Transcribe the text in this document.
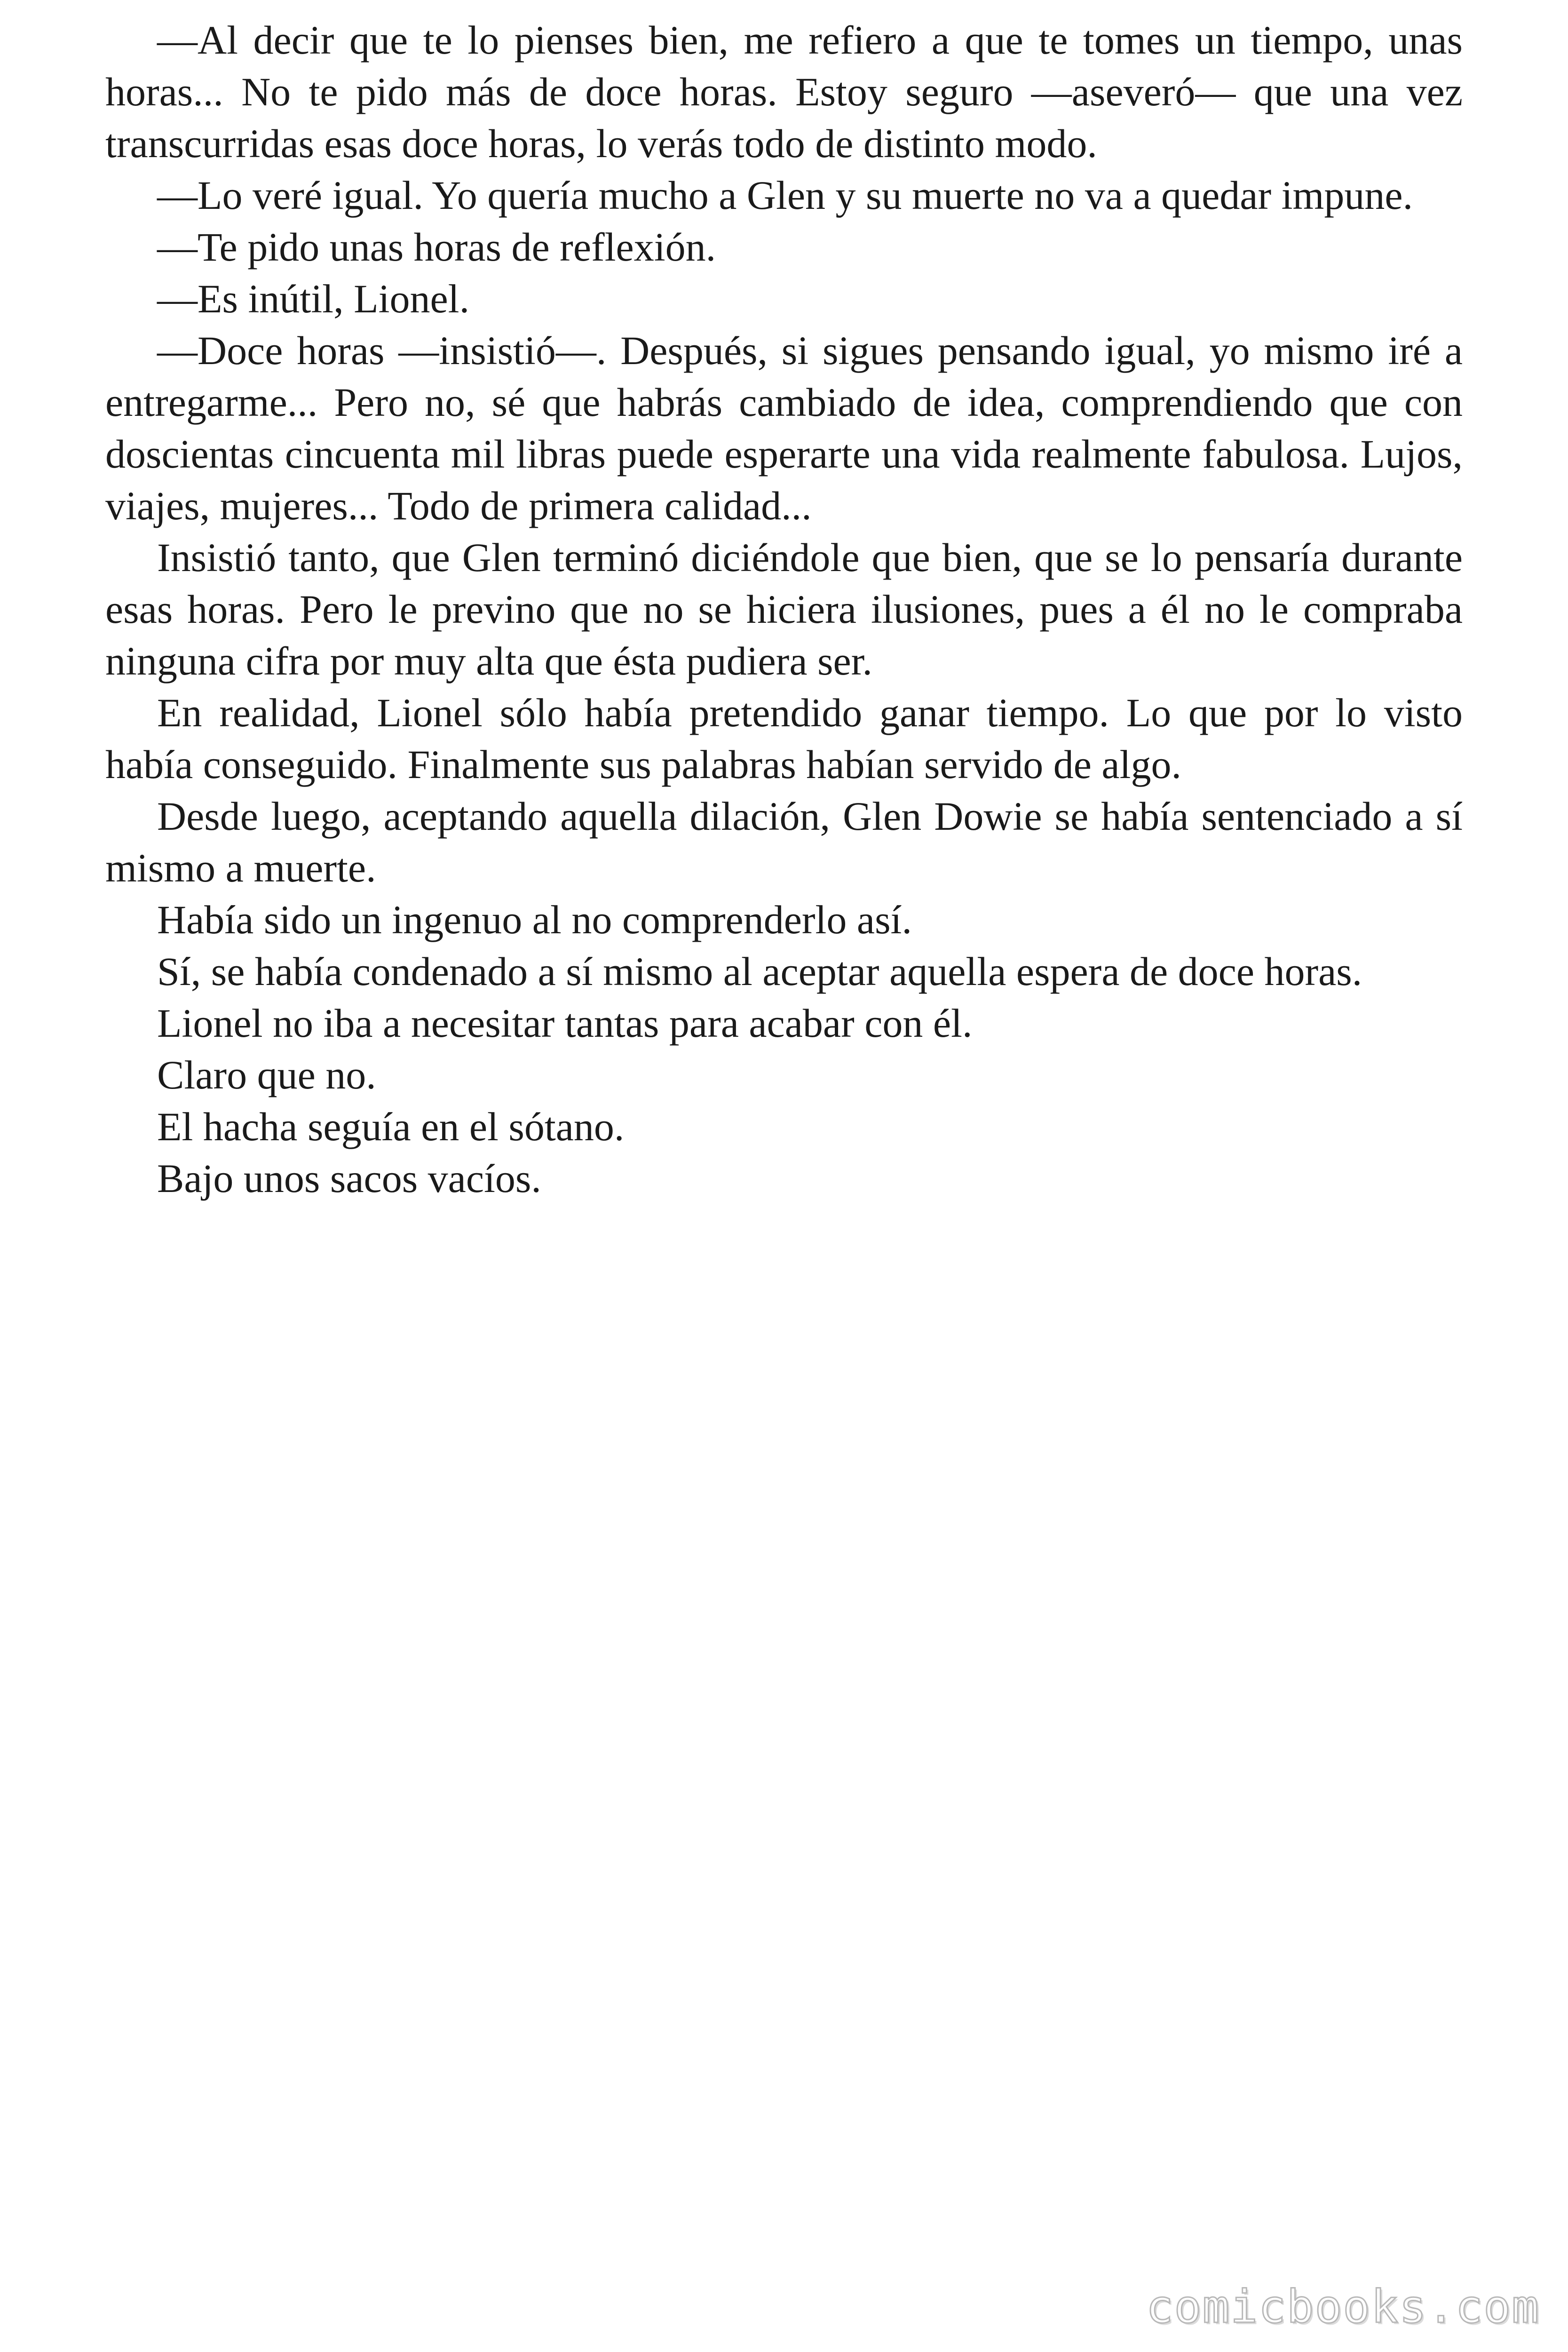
—Al decir que te lo pienses bien, me refiero a que te tomes un tiempo, unas horas... No te pido más de doce horas. Estoy seguro —aseveró— que una vez transcurridas esas doce horas, lo verás todo de distinto modo.

—Lo veré igual. Yo quería mucho a Glen y su muerte no va a quedar impune.

—Te pido unas horas de reflexión.

—Es inútil, Lionel.

—Doce horas —insistió—. Después, si sigues pensando igual, yo mismo iré a entregarme... Pero no, sé que habrás cambiado de idea, comprendiendo que con doscientas cincuenta mil libras puede esperarte una vida realmente fabulosa. Lujos, viajes, mujeres... Todo de primera calidad...

Insistió tanto, que Glen terminó diciéndole que bien, que se lo pensaría durante esas horas. Pero le previno que no se hiciera ilusiones, pues a él no le compraba ninguna cifra por muy alta que ésta pudiera ser.

En realidad, Lionel sólo había pretendido ganar tiempo. Lo que por lo visto había conseguido. Finalmente sus palabras habían servido de algo.

Desde luego, aceptando aquella dilación, Glen Dowie se había sentenciado a sí mismo a muerte.

Había sido un ingenuo al no comprenderlo así.

Sí, se había condenado a sí mismo al aceptar aquella espera de doce horas.

Lionel no iba a necesitar tantas para acabar con él.

Claro que no.

El hacha seguía en el sótano.

Bajo unos sacos vacíos.

comicbooks.com
